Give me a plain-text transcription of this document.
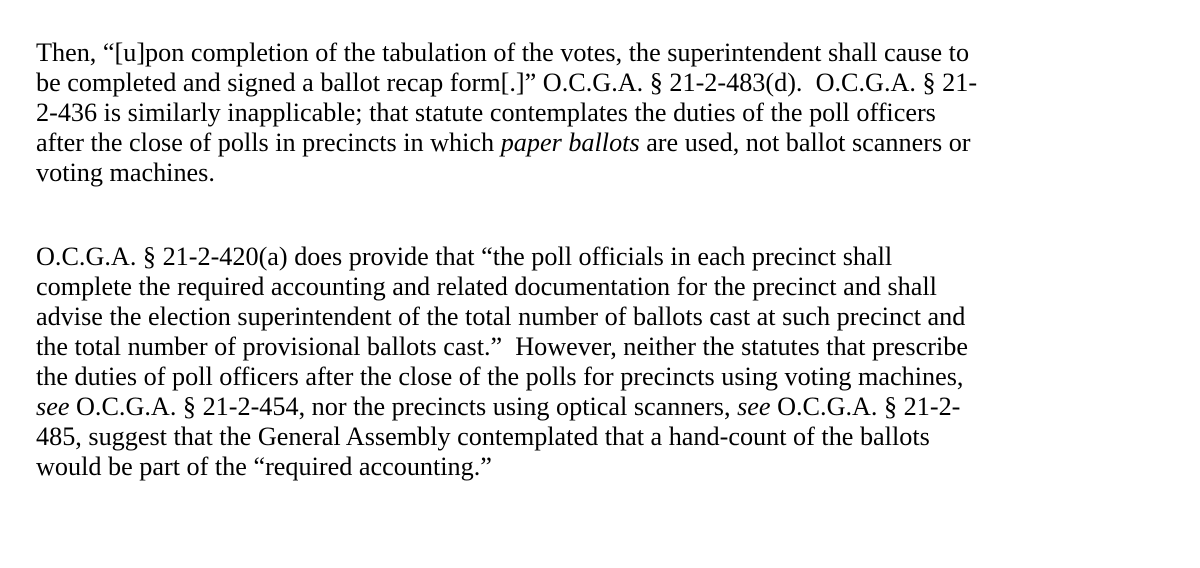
Then, “[u]pon completion of the tabulation of the votes, the superintendent shall cause to
be completed and signed a ballot recap form[.]” O.C.G.A. § 21-2-483(d).  O.C.G.A. § 21-
2-436 is similarly inapplicable; that statute contemplates the duties of the poll officers
after the close of polls in precincts in which paper ballots are used, not ballot scanners or
voting machines.

O.C.G.A. § 21-2-420(a) does provide that “the poll officials in each precinct shall
complete the required accounting and related documentation for the precinct and shall
advise the election superintendent of the total number of ballots cast at such precinct and
the total number of provisional ballots cast.”  However, neither the statutes that prescribe
the duties of poll officers after the close of the polls for precincts using voting machines,
see O.C.G.A. § 21-2-454, nor the precincts using optical scanners, see O.C.G.A. § 21-2-
485, suggest that the General Assembly contemplated that a hand-count of the ballots
would be part of the “required accounting.”
